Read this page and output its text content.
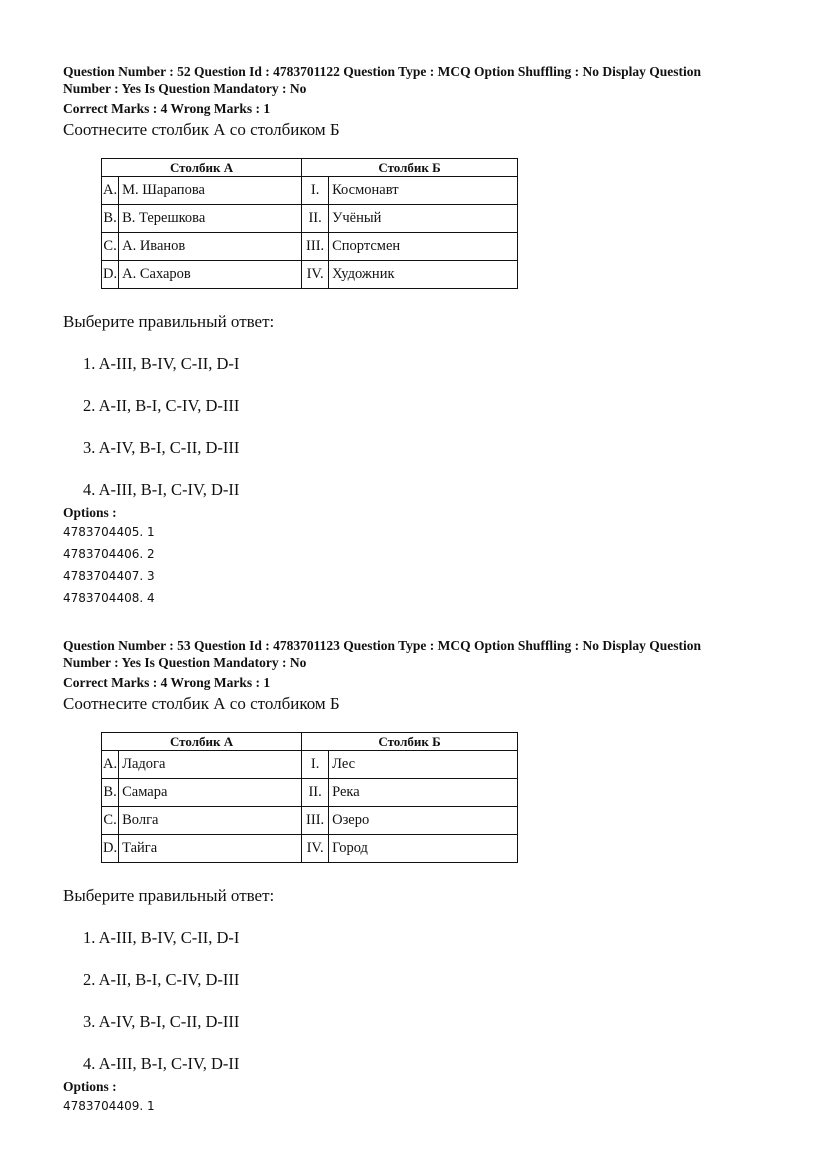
Question Number : 52 Question Id : 4783701122 Question Type : MCQ Option Shuffling : No Display Question
Number : Yes Is Question Mandatory : No
Correct Marks : 4 Wrong Marks : 1
Соотнесите столбик А со столбиком Б
Столбик А		Столбик Б	
A.	М. Шарапова	I.	Космонавт
B.	В. Терешкова	II.	Учёный
C.	А. Иванов	III.	Спортсмен
D.	А. Сахаров	IV.	Художник
Выберите правильный ответ:
1. A-III, B-IV, C-II, D-I
2. A-II, B-I, C-IV, D-III
3. A-IV, B-I, C-II, D-III
4. A-III, B-I, C-IV, D-II
Options :
4783704405. 1
4783704406. 2
4783704407. 3
4783704408. 4
Question Number : 53 Question Id : 4783701123 Question Type : MCQ Option Shuffling : No Display Question
Number : Yes Is Question Mandatory : No
Correct Marks : 4 Wrong Marks : 1
Соотнесите столбик А со столбиком Б
Столбик А		Столбик Б	
A.	Ладога	I.	Лес
B.	Самара	II.	Река
C.	Волга	III.	Озеро
D.	Тайга	IV.	Город
Выберите правильный ответ:
1. A-III, B-IV, C-II, D-I
2. A-II, B-I, C-IV, D-III
3. A-IV, B-I, C-II, D-III
4. A-III, B-I, C-IV, D-II
Options :
4783704409. 1
